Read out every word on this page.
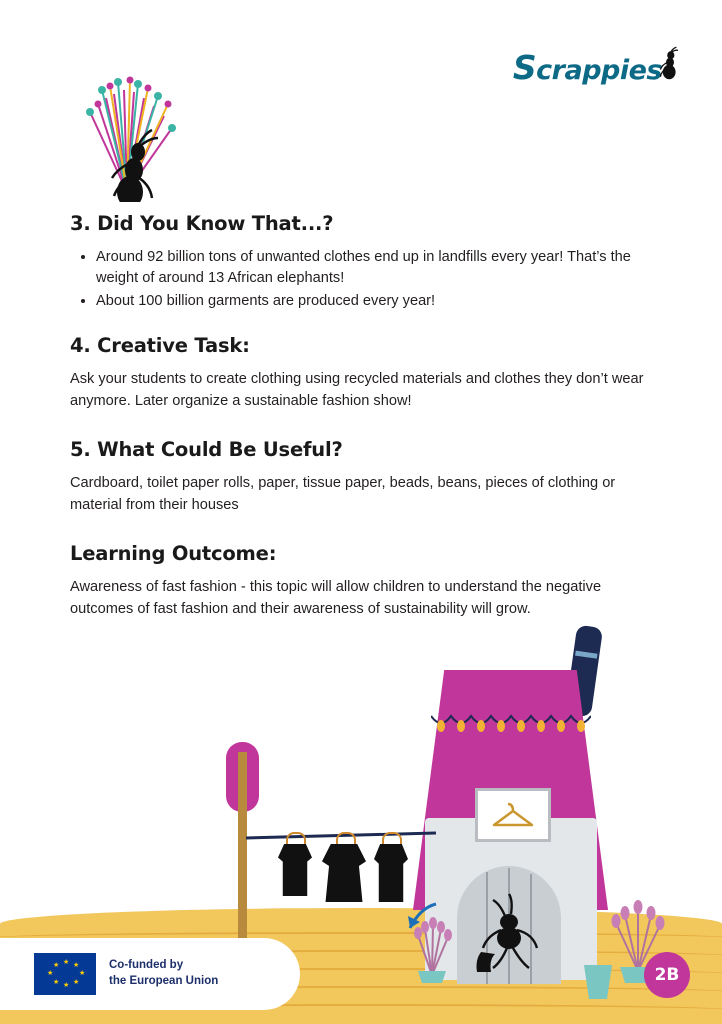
Scrappies
3. Did You Know That...?
• Around 92 billion tons of unwanted clothes end up in landfills every year! That’s the weight of around 13 African elephants!
• About 100 billion garments are produced every year!
4. Creative Task:

Ask your students to create clothing using recycled materials and clothes they don’t wear anymore. Later organize a sustainable fashion show!

5. What Could Be Useful?

Cardboard, toilet paper rolls, paper, tissue paper, beads, beans, pieces of clothing or material from their houses

Learning Outcome:

Awareness of fast fashion - this topic will allow children to understand the negative outcomes of fast fashion and their awareness of sustainability will grow.

★ ★
★
★
★
★
★
★	Co-funded by
the European Union	2B
